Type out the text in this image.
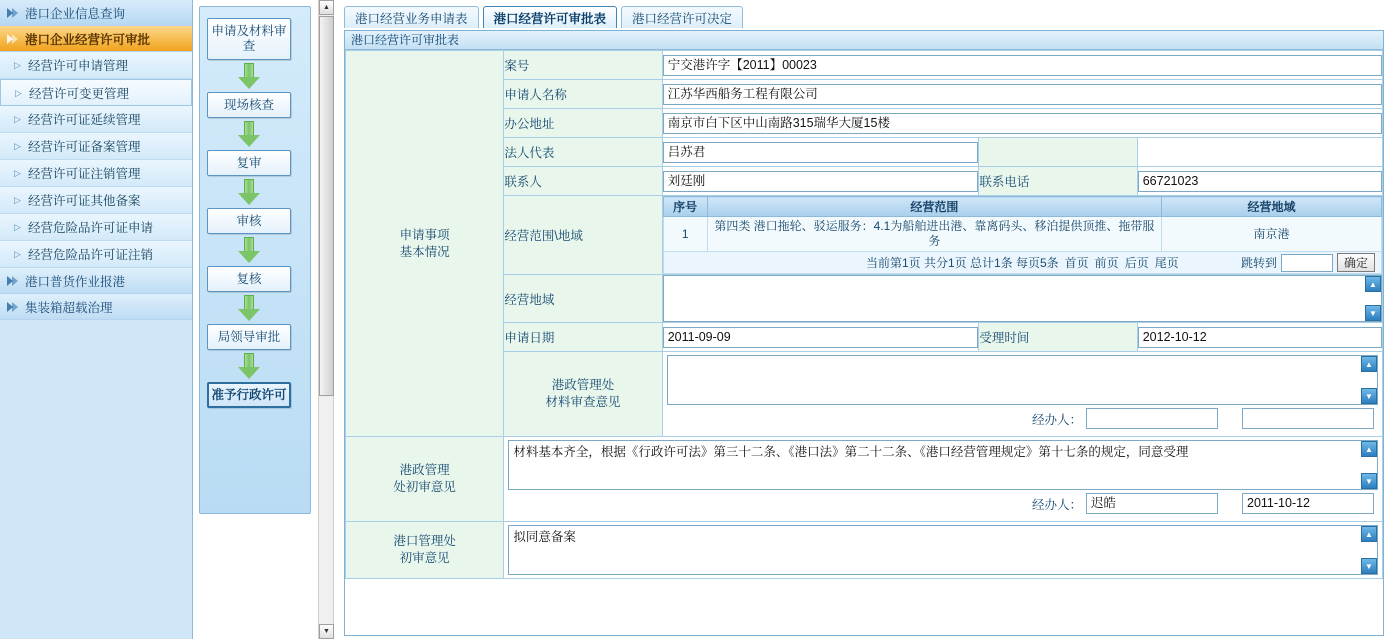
港口企业信息查询
港口企业经营许可审批
▷ 经营许可申请管理
▷ 经营许可变更管理
▷ 经营许可证延续管理
▷ 经营许可证备案管理
▷ 经营许可证注销管理
▷ 经营许可证其他备案
▷ 经营危险品许可证申请
▷ 经营危险品许可证注销
港口普货作业报港
集装箱超载治理
申请及材料审查
现场核查
复审
审核
复核
局领导审批
准予行政许可
▲
▼
港口经营业务申请表 港口经营许可审批表 港口经营许可决定
港口经营许可审批表
申请事项
基本情况
	案号	宁交港许字【2011】00023

申请人名称	江苏华西船务工程有限公司

办公地址	南京市白下区中山南路315瑞华大厦15楼

法人代表	吕苏君

联系人	刘廷刚	联系电话	66721023

经营范围\地域	
序号	经营范围	经营地域
1	第四类 港口拖轮、驳运服务：4.1为船舶进出港、靠离码头、移泊提供顶推、拖带服务	南京港
当前第1页 共分1页 总计1条 每页5条 首页 前页 后页 尾页	跳转到	确定

经营地域	
▲
▼

申请日期	2011-09-09	受理时间	2012-10-12

港政管理处
材料审查意见

▲
▼
经办人：

港政管理
处初审意见

材料基本齐全，根据《行政许可法》第三十二条、《港口法》第二十二条、《港口经营管理规定》第十七条的规定，同意受理	▲
▼
经办人： 迟皓	2011-10-12

港口管理处
初审意见

拟同意备案	▲
▼
